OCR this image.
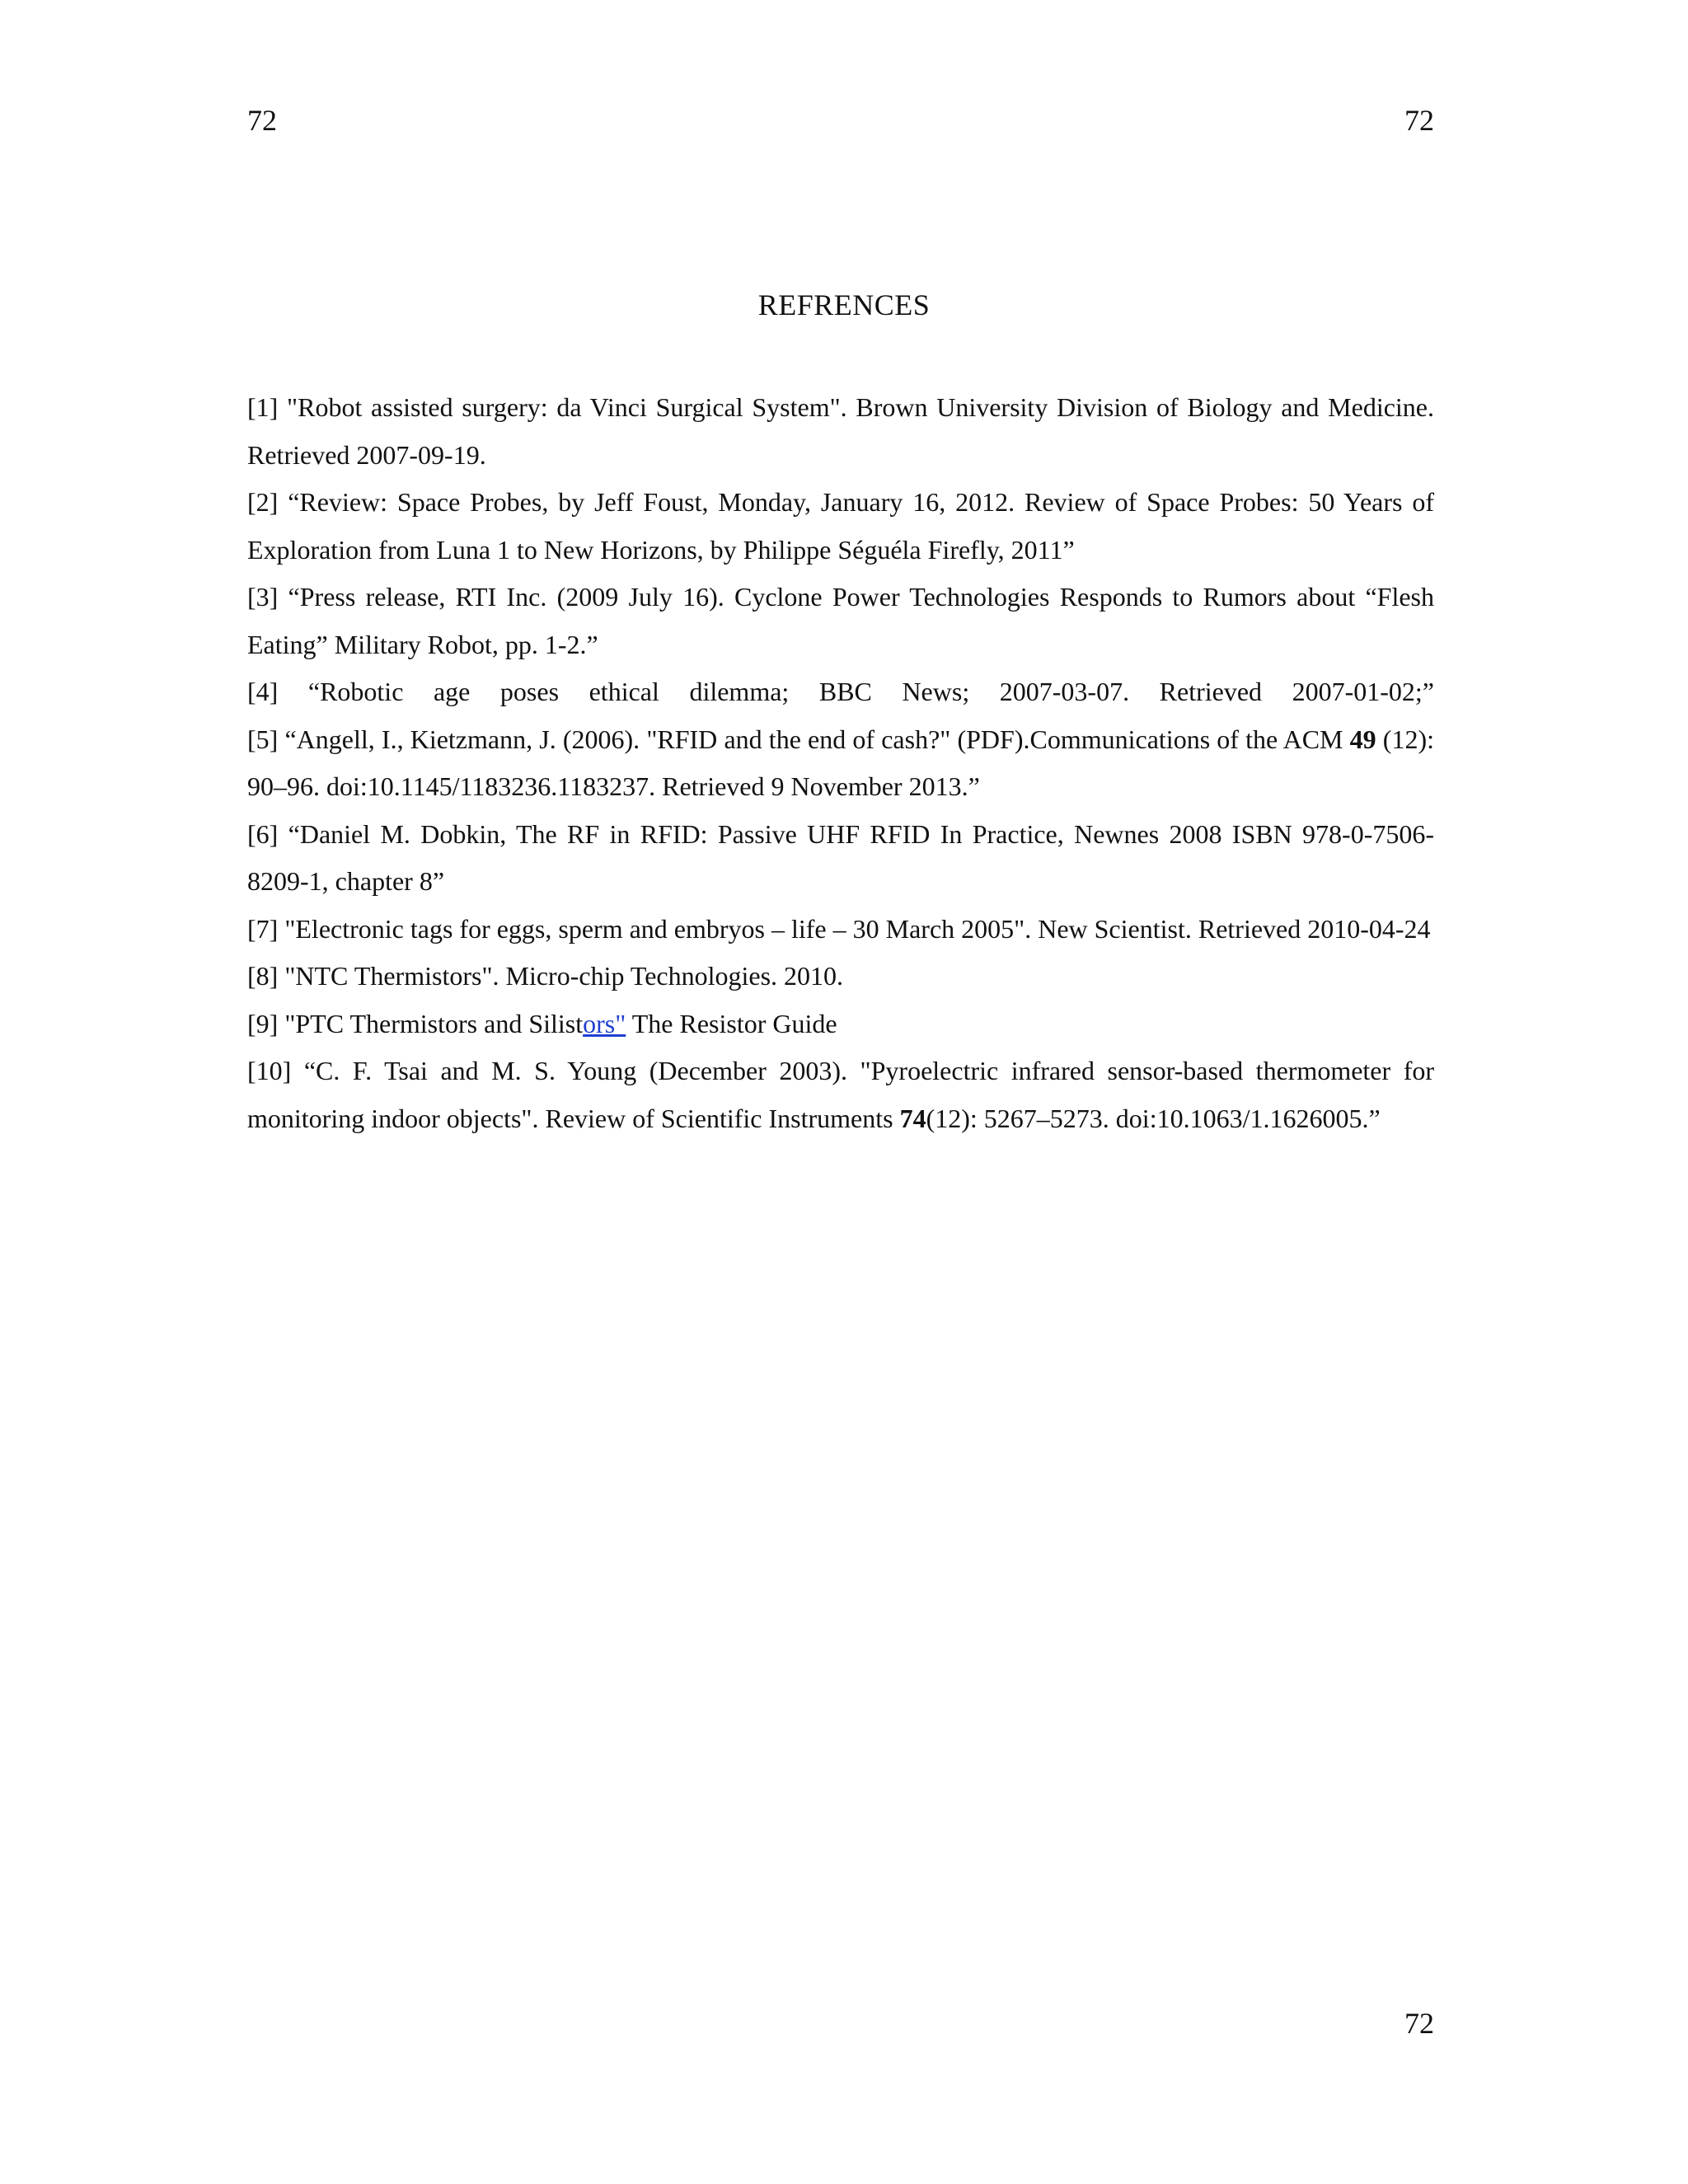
72	72
REFRENCES

[1] "Robot assisted surgery: da Vinci Surgical System". Brown University Division of Biology and Medicine. Retrieved 2007-09-19.

[2] “Review: Space Probes, by Jeff Foust, Monday, January 16, 2012. Review of Space Probes: 50 Years of Exploration from Luna 1 to New Horizons, by Philippe Séguéla Firefly, 2011”

[3] “Press release, RTI Inc. (2009 July 16). Cyclone Power Technologies Responds to Rumors about “Flesh Eating” Military Robot, pp. 1-2.”

[4] “Robotic age poses ethical dilemma; BBC News; 2007-03-07. Retrieved 2007-01-02;”

[5] “Angell, I., Kietzmann, J. (2006). "RFID and the end of cash?" (PDF).Communications of the ACM 49 (12): 90–96. doi:10.1145/1183236.1183237. Retrieved 9 November 2013.”

[6] “Daniel M. Dobkin, The RF in RFID: Passive UHF RFID In Practice, Newnes 2008 ISBN 978-0-7506-8209-1, chapter 8”

[7] "Electronic tags for eggs, sperm and embryos – life – 30 March 2005". New Scientist. Retrieved 2010-04-24

[8] "NTC Thermistors". Micro-chip Technologies. 2010.

[9] "PTC Thermistors and Silistors" The Resistor Guide

[10] “C. F. Tsai and M. S. Young (December 2003). "Pyroelectric infrared sensor-based thermometer for monitoring indoor objects". Review of Scientific Instruments 74(12): 5267–5273. doi:10.1063/1.1626005.”

72
